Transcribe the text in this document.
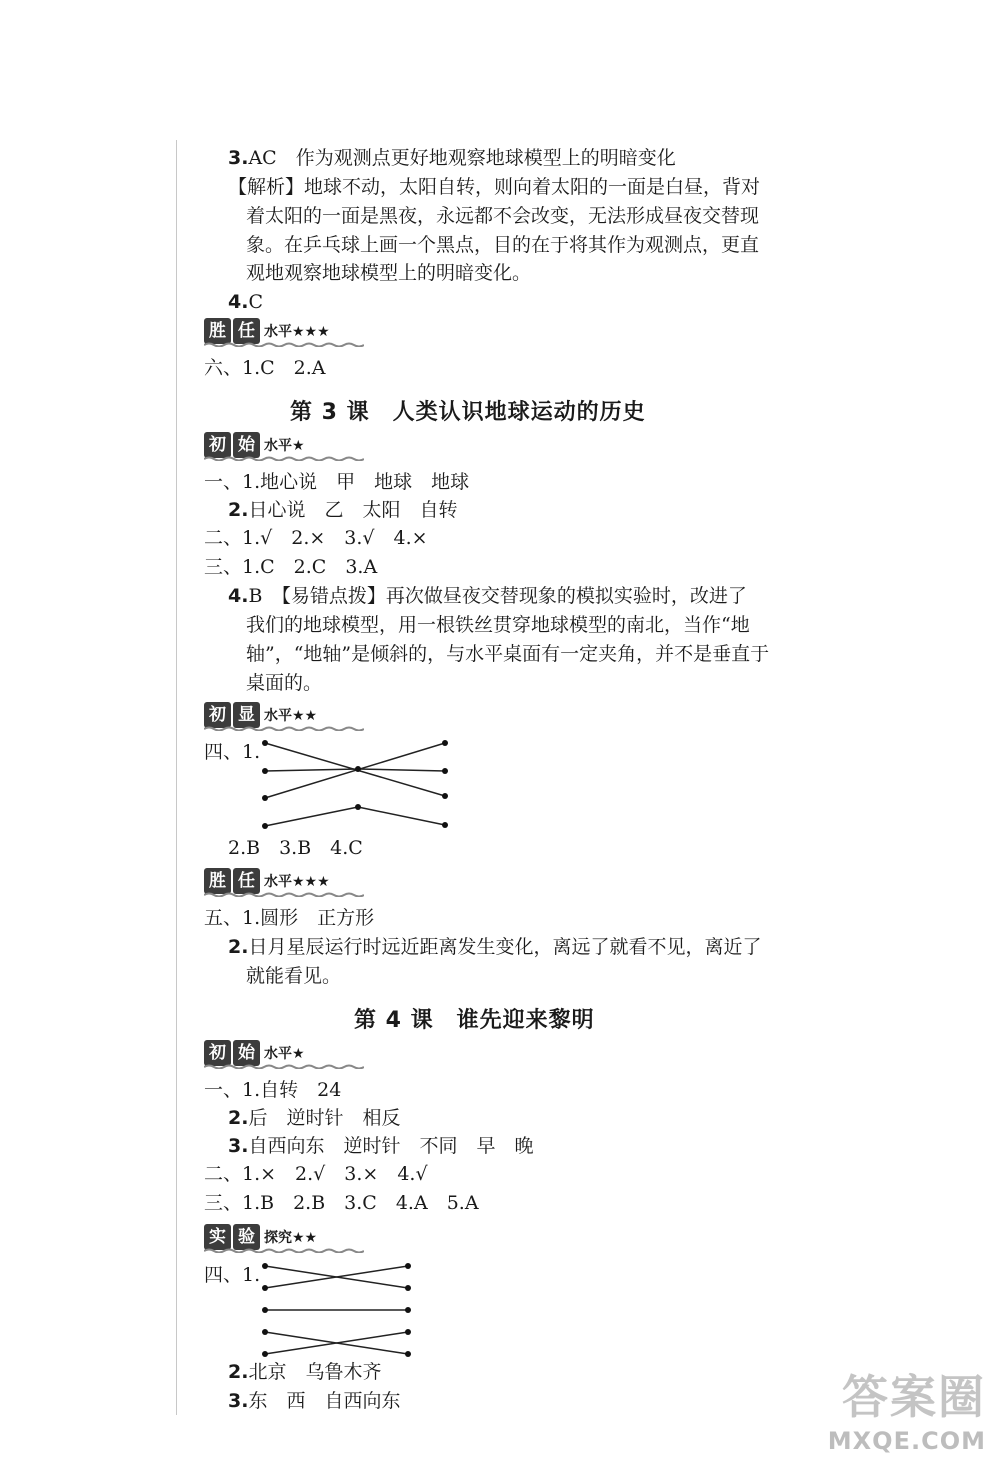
3.AC　作为观测点更好地观察地球模型上的明暗变化
【解析】地球不动，太阳自转，则向着太阳的一面是白昼，背对
着太阳的一面是黑夜，永远都不会改变，无法形成昼夜交替现
象。在乒乓球上画一个黑点，目的在于将其作为观测点，更直
观地观察地球模型上的明暗变化。
4.C
胜 任 水平★★★
六、1.C　2.A
第 3 课　人类认识地球运动的历史
初 始 水平★
一、1.地心说　甲　地球　地球
2.日心说　乙　太阳　自转
二、1.√　2.×　3.√　4.×
三、1.C　2.C　3.A
4.B　【易错点拨】再次做昼夜交替现象的模拟实验时，改进了
我们的地球模型，用一根铁丝贯穿地球模型的南北，当作“地
轴”，“地轴”是倾斜的，与水平桌面有一定夹角，并不是垂直于
桌面的。
初 显 水平★★
四、1.
2.B　3.B　4.C
胜 任 水平★★★
五、1.圆形　正方形
2.日月星辰运行时远近距离发生变化，离远了就看不见，离近了
就能看见。
第 4 课　谁先迎来黎明
初 始 水平★
一、1.自转　24
2.后　逆时针　相反
3.自西向东　逆时针　不同　早　晚
二、1.×　2.√　3.×　4.√
三、1.B　2.B　3.C　4.A　5.A
实 验 探究★★
四、1.
2.北京　乌鲁木齐
3.东　西　自西向东	答案圈
MXQE.COM
